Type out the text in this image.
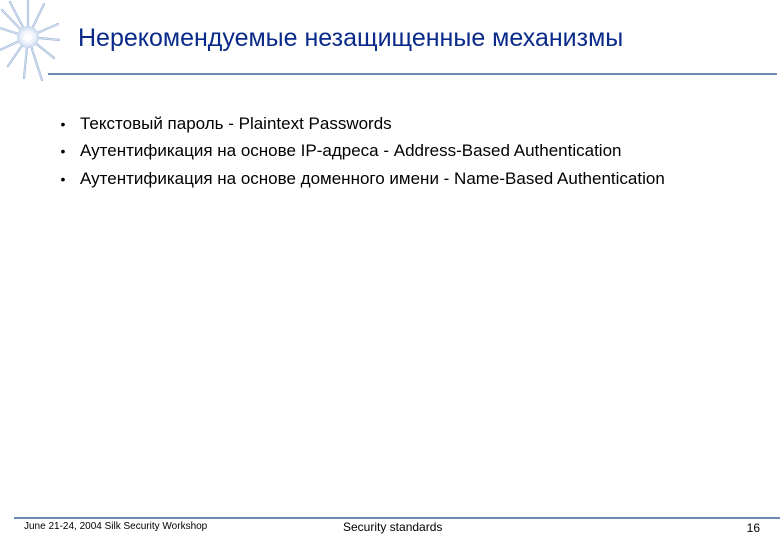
Нерекомендуемые незащищенные механизмы
• Текстовый пароль - Plaintext Passwords
• Аутентификация на основе IP-адреса - Address-Based Authentication
• Аутентификация на основе доменного имени - Name-Based Authentication
June 21-24, 2004 Silk Security Workshop	Security standards	16
